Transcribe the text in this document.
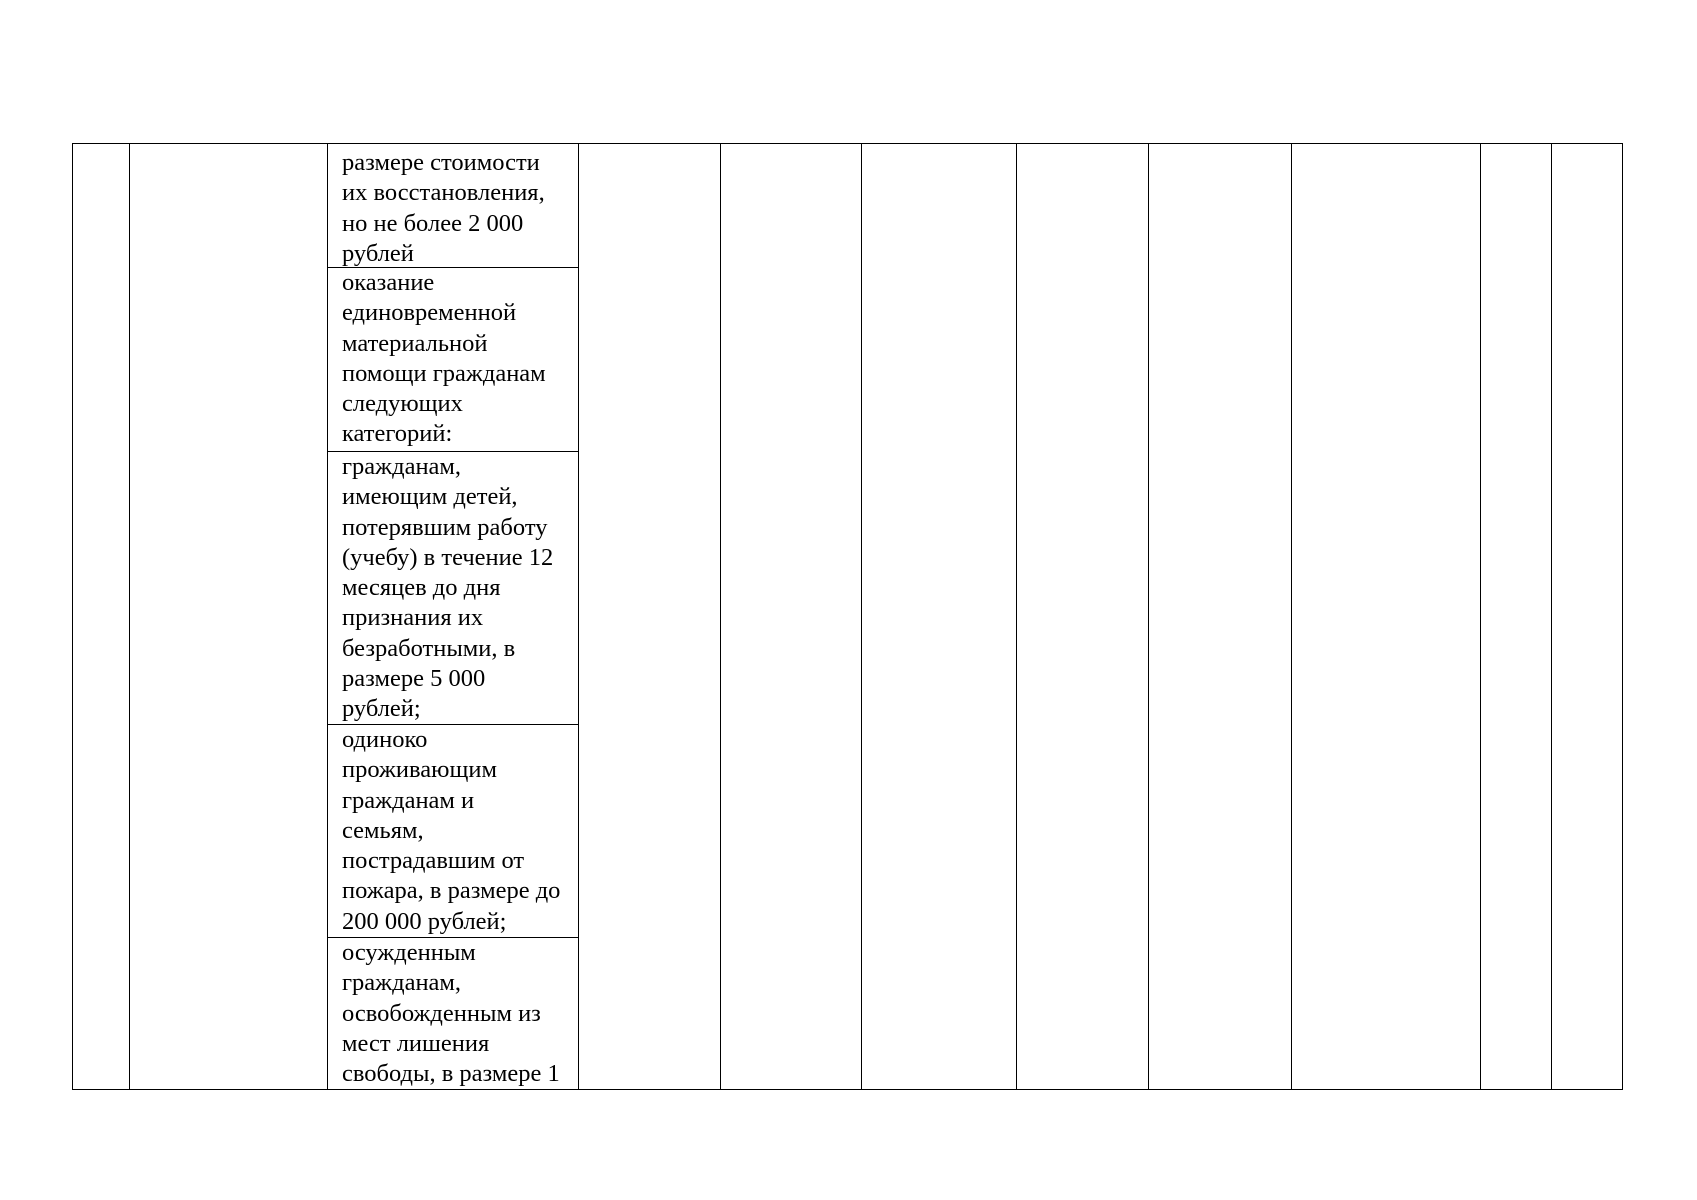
размере стоимости
их восстановления,
но не более 2 000
рублей
оказание
единовременной
материальной
помощи гражданам
следующих
категорий:
гражданам,
имеющим детей,
потерявшим работу
(учебу) в течение 12
месяцев до дня
признания их
безработными, в
размере 5 000
рублей;
одиноко
проживающим
гражданам и
семьям,
пострадавшим от
пожара, в размере до
200 000 рублей;
осужденным
гражданам,
освобожденным из
мест лишения
свободы, в размере 1
